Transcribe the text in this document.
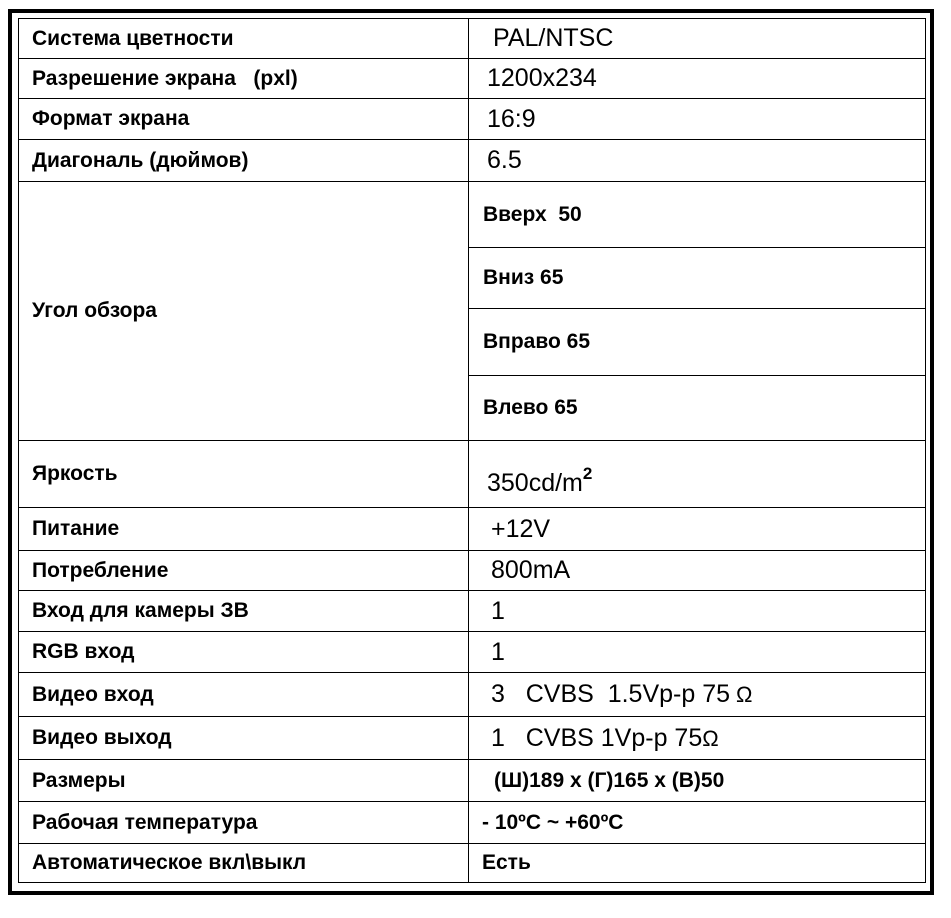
Система цветности	PAL/NTSC
Разрешение экрана   (pxl)	1200x234
Формат экрана	16:9
Диагональ (дюймов)	6.5
Угол обзора	Вверх  50
	Вниз 65
	Вправо 65
	Влево 65
Яркость	$350cd/m^2$
Питание	+12V
Потребление	800mA
Вход для камеры ЗВ	1
RGB вход	1
Видео вход	3   CVBS  1.5Vp-p 75 Ω
Видео выход	1   CVBS 1Vp-p 75Ω
Размеры	(Ш)189 х (Г)165 х (В)50
Рабочая температура	- 10ºC ~ +60ºC
Автоматическое вкл\выкл	Есть
